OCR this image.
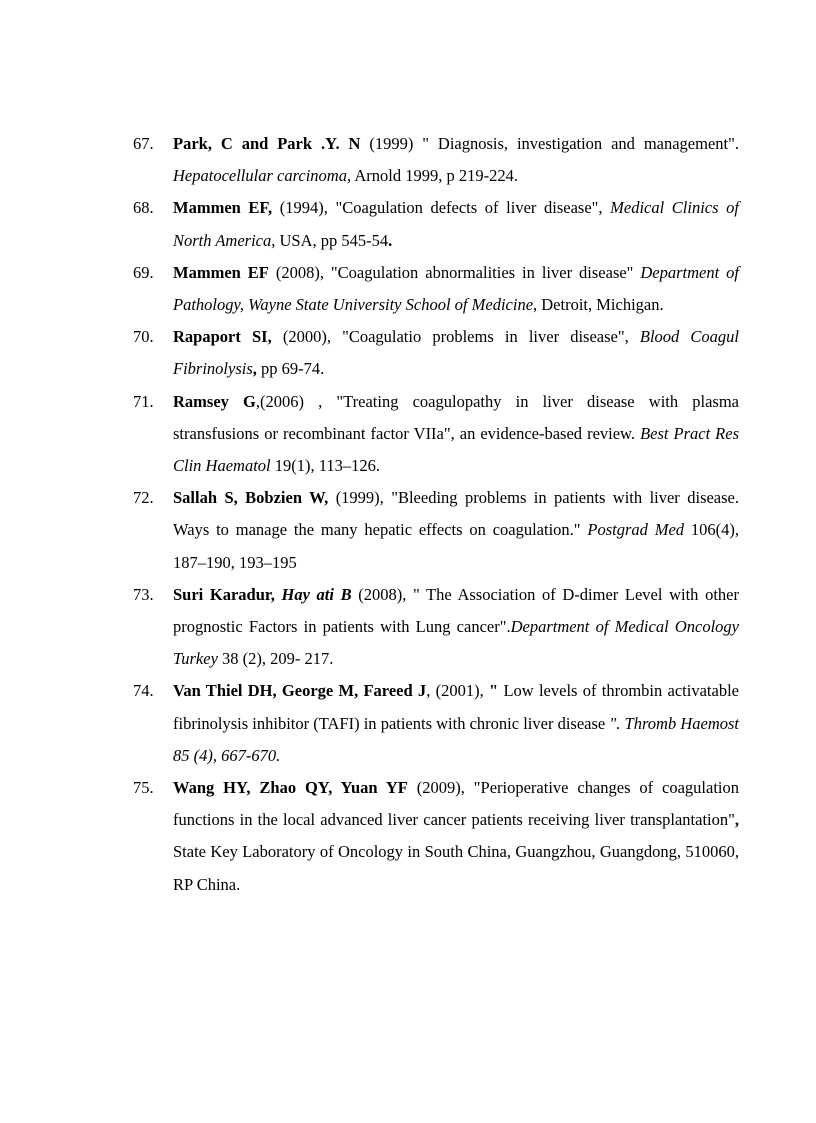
67.	Park, C and Park .Y. N (1999) " Diagnosis, investigation and management". Hepatocellular carcinoma, Arnold 1999, p 219-224.
68.	Mammen EF, (1994), "Coagulation defects of liver disease", Medical Clinics of North America, USA, pp 545-54.
69.	Mammen EF (2008), "Coagulation abnormalities in liver disease" Department of Pathology, Wayne State University School of Medicine, Detroit, Michigan.
70.	Rapaport SI, (2000), "Coagulatio problems in liver disease", Blood Coagul Fibrinolysis, pp 69-74.
71.	Ramsey G,(2006) , "Treating coagulopathy in liver disease with plasma stransfusions or recombinant factor VIIa", an evidence-based review. Best Pract Res Clin Haematol 19(1), 113–126.
72.	Sallah S, Bobzien W, (1999), "Bleeding problems in patients with liver disease. Ways to manage the many hepatic effects on coagulation." Postgrad Med 106(4), 187–190, 193–195
73.	Suri Karadur, Hay ati B (2008), " The Association of D-dimer Level with other prognostic Factors in patients with Lung cancer".Department of Medical Oncology Turkey 38 (2), 209- 217.
74.	Van Thiel DH, George M, Fareed J, (2001), " Low levels of thrombin activatable fibrinolysis inhibitor (TAFI) in patients with chronic liver disease ". Thromb Haemost 85 (4), 667-670.
75.	Wang HY, Zhao QY, Yuan YF (2009), "Perioperative changes of coagulation functions in the local advanced liver cancer patients receiving liver transplantation", State Key Laboratory of Oncology in South China, Guangzhou, Guangdong, 510060, RP China.
